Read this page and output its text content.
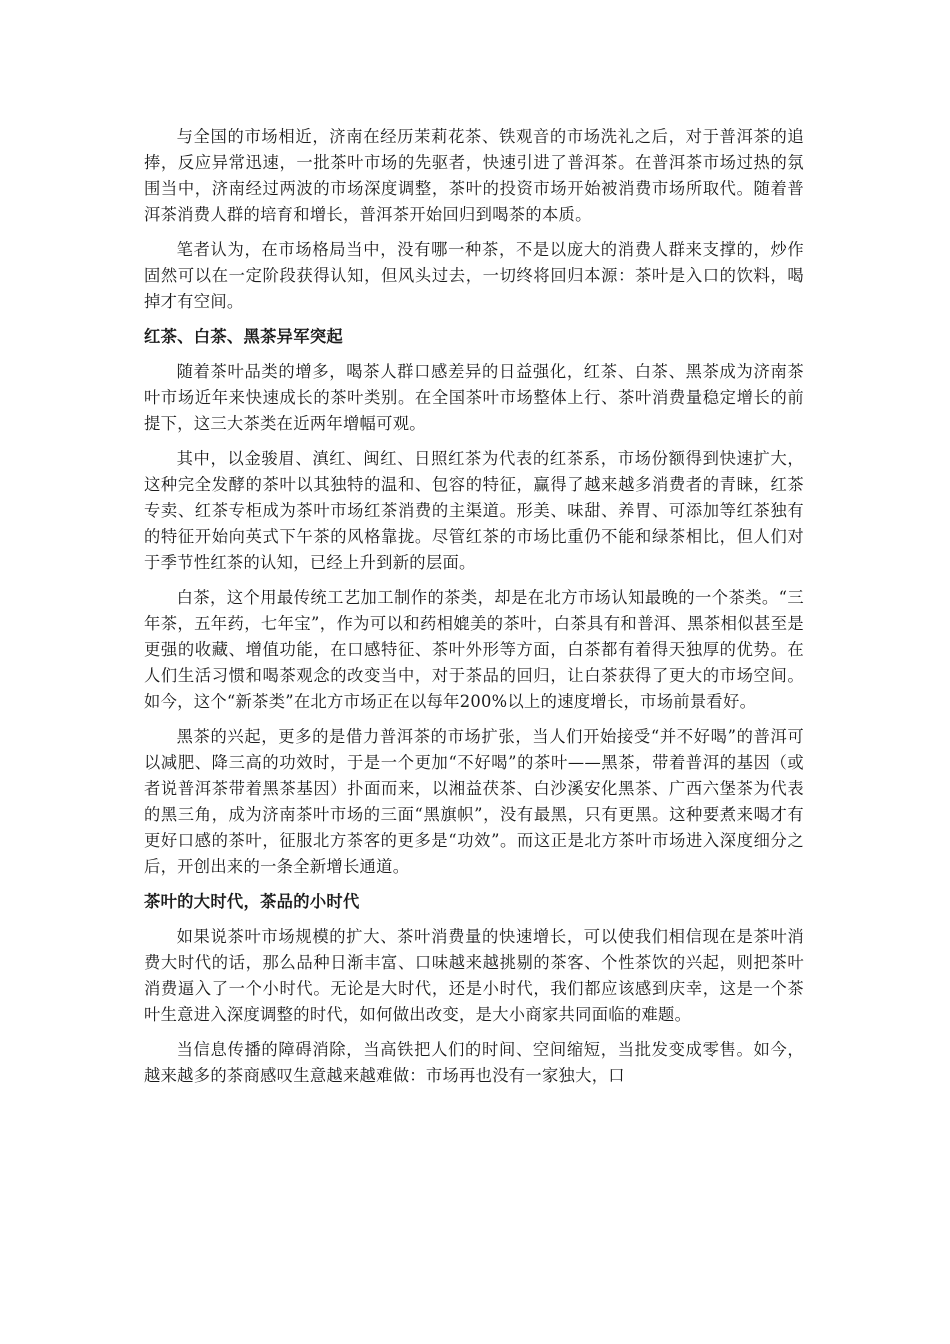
与全国的市场相近，济南在经历茉莉花茶、铁观音的市场洗礼之后，对于普洱茶的追捧，反应异常迅速，一批茶叶市场的先驱者，快速引进了普洱茶。在普洱茶市场过热的氛围当中，济南经过两波的市场深度调整，茶叶的投资市场开始被消费市场所取代。随着普洱茶消费人群的培育和增长，普洱茶开始回归到喝茶的本质。

笔者认为，在市场格局当中，没有哪一种茶，不是以庞大的消费人群来支撑的，炒作固然可以在一定阶段获得认知，但风头过去，一切终将回归本源：茶叶是入口的饮料，喝掉才有空间。

红茶、白茶、黑茶异军突起

随着茶叶品类的增多，喝茶人群口感差异的日益强化，红茶、白茶、黑茶成为济南茶叶市场近年来快速成长的茶叶类别。在全国茶叶市场整体上行、茶叶消费量稳定增长的前提下，这三大茶类在近两年增幅可观。

其中，以金骏眉、滇红、闽红、日照红茶为代表的红茶系，市场份额得到快速扩大，这种完全发酵的茶叶以其独特的温和、包容的特征，赢得了越来越多消费者的青睐，红茶专卖、红茶专柜成为茶叶市场红茶消费的主渠道。形美、味甜、养胃、可添加等红茶独有的特征开始向英式下午茶的风格靠拢。尽管红茶的市场比重仍不能和绿茶相比，但人们对于季节性红茶的认知，已经上升到新的层面。

白茶，这个用最传统工艺加工制作的茶类，却是在北方市场认知最晚的一个茶类。“三年茶，五年药，七年宝”，作为可以和药相媲美的茶叶，白茶具有和普洱、黑茶相似甚至是更强的收藏、增值功能，在口感特征、茶叶外形等方面，白茶都有着得天独厚的优势。在人们生活习惯和喝茶观念的改变当中，对于茶品的回归，让白茶获得了更大的市场空间。如今，这个“新茶类”在北方市场正在以每年200%以上的速度增长，市场前景看好。

黑茶的兴起，更多的是借力普洱茶的市场扩张，当人们开始接受“并不好喝”的普洱可以减肥、降三高的功效时，于是一个更加“不好喝”的茶叶——黑茶，带着普洱的基因（或者说普洱茶带着黑茶基因）扑面而来，以湘益茯茶、白沙溪安化黑茶、广西六堡茶为代表的黑三角，成为济南茶叶市场的三面“黑旗帜”，没有最黑，只有更黑。这种要煮来喝才有更好口感的茶叶，征服北方茶客的更多是“功效”。而这正是北方茶叶市场进入深度细分之后，开创出来的一条全新增长通道。

茶叶的大时代，茶品的小时代

如果说茶叶市场规模的扩大、茶叶消费量的快速增长，可以使我们相信现在是茶叶消费大时代的话，那么品种日渐丰富、口味越来越挑剔的茶客、个性茶饮的兴起，则把茶叶消费逼入了一个小时代。无论是大时代，还是小时代，我们都应该感到庆幸，这是一个茶叶生意进入深度调整的时代，如何做出改变，是大小商家共同面临的难题。

当信息传播的障碍消除，当高铁把人们的时间、空间缩短，当批发变成零售。如今，越来越多的茶商感叹生意越来越难做：市场再也没有一家独大，口
